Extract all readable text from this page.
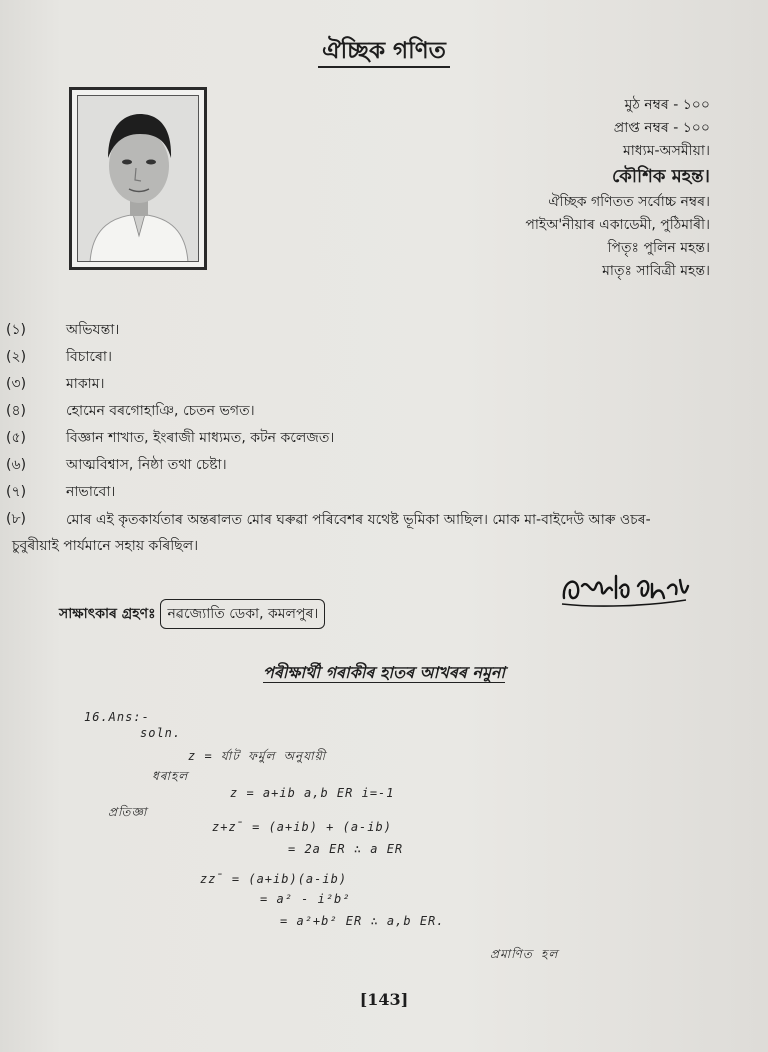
ঐচ্ছিক গণিত
মুঠ নম্বৰ - ১০০
প্ৰাপ্ত নম্বৰ - ১০০
মাধ্যম-অসমীয়া।
কৌশিক মহন্ত।
ঐচ্ছিক গণিতত সৰ্বোচ্চ নম্বৰ।
পাইঅ'নীয়াৰ একাডেমী, পুঠিমাৰী।
পিতৃঃ পুলিন মহন্ত।
মাতৃঃ সাবিত্ৰী মহন্ত।
(১)	অভিযন্তা।
(২)	বিচাৰো।
(৩)	মাকাম।
(৪)	হোমেন বৰগোহাঞি, চেতন ভগত।
(৫)	বিজ্ঞান শাখাত, ইংৰাজী মাধ্যমত, কটন কলেজত।
(৬)	আত্মবিশ্বাস, নিষ্ঠা তথা চেষ্টা।
(৭)	নাভাবো।
(৮)	মোৰ এই কৃতকাৰ্যতাৰ অন্তৰালত মোৰ ঘৰুৱা পৰিবেশৰ যথেষ্ট ভূমিকা আছিল। মোক মা-বাইদেউ আৰু ওচৰ-
চুবুৰীয়াই পাৰ্যমানে সহায় কৰিছিল।
সাক্ষাৎকাৰ গ্ৰহণঃ নৱজ্যোতি ডেকা, কমলপুৰ।
পৰীক্ষাৰ্থী গৰাকীৰ হাতৰ আখৰৰ নমুনা
16.Ans:-
soln.
z = ৰ্যাট ফৰ্মুল অনুযায়ী
ধৰাহল
z = a+ib a,b ER i=-1
প্ৰতিজ্ঞা
z+z̄ = (a+ib) + (a-ib)
= 2a ER ∴ a ER
zz̄ = (a+ib)(a-ib)
= a² - i²b²
= a²+b² ER ∴ a,b ER.
প্ৰমাণিত হল
[143]
